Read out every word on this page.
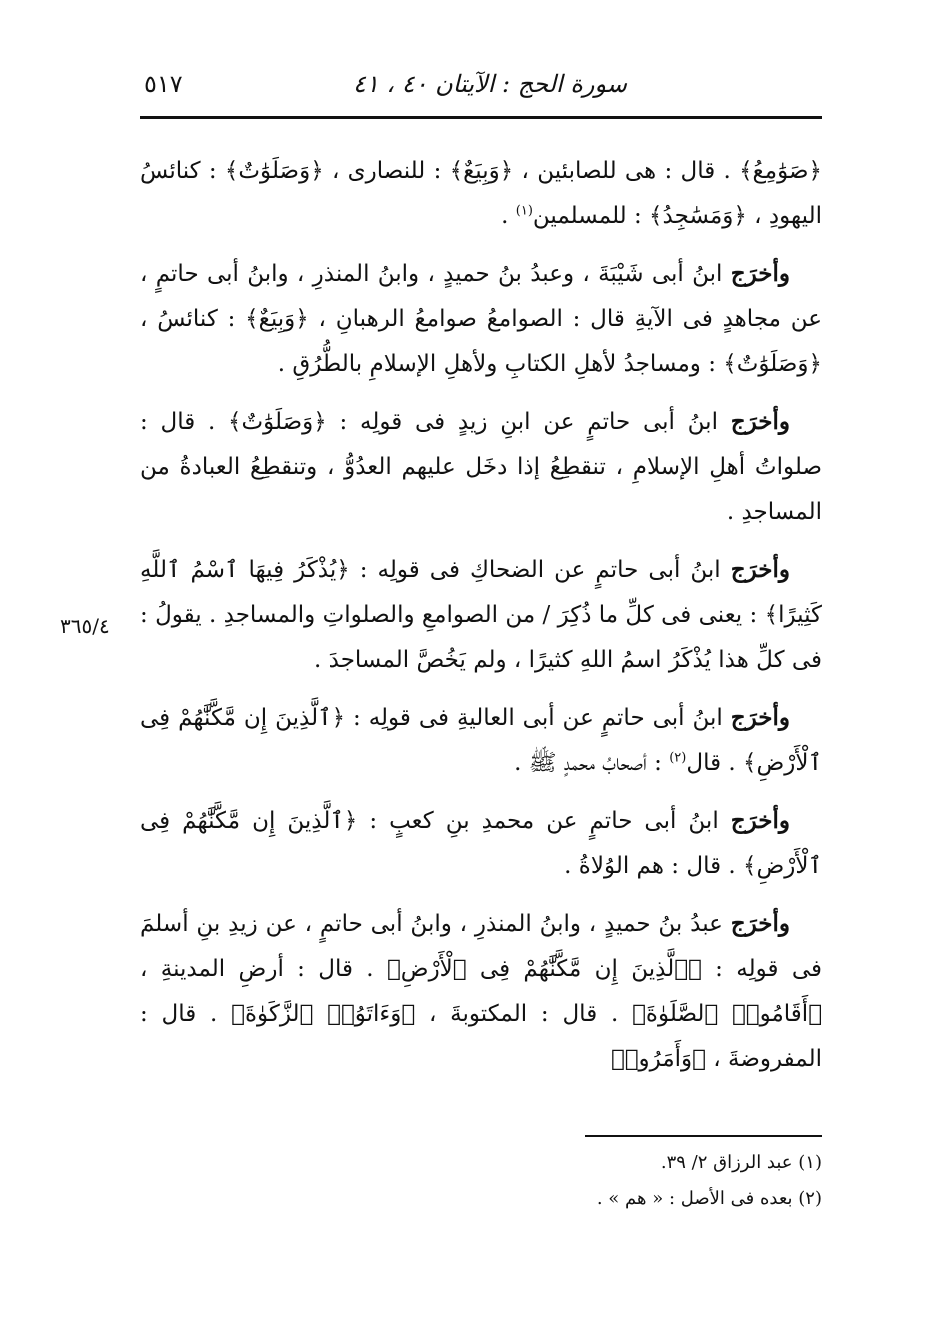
سورة الحج : الآيتان ٤٠ ، ٤١
٥١٧
٣٦٥/٤

﴿صَوَٰمِعُ﴾ . قال : هى للصابئين ، ﴿وَبِيَعٌ﴾ : للنصارى ، ﴿وَصَلَوَٰتٌ﴾ : كنائسُ اليهودِ ، ﴿وَمَسَٰجِدُ﴾ : للمسلمين$^{(١)}$ .

وأخرَج ابنُ أبى شَيْبَةَ ، وعبدُ بنُ حميدٍ ، وابنُ المنذرِ ، وابنُ أبى حاتمٍ ، عن مجاهدٍ فى الآيةِ قال : الصوامعُ صوامعُ الرهبانِ ، ﴿وَبِيَعٌ﴾ : كنائسُ ، ﴿وَصَلَوَٰتٌ﴾ : ومساجدُ لأهلِ الكتابِ ولأهلِ الإسلامِ بالطُّرُقِ .

وأخرَج ابنُ أبى حاتمٍ عن ابنِ زيدٍ فى قولِه : ﴿وَصَلَوَٰتٌ﴾ . قال : صلواتُ أهلِ الإسلامِ ، تنقطِعُ إذا دخَل عليهم العدُوُّ ، وتنقطِعُ العبادةُ من المساجدِ .

وأخرَج ابنُ أبى حاتمٍ عن الضحاكِ فى قولِه : ﴿يُذْكَرُ فِيهَا ٱسْمُ ٱللَّهِ كَثِيرًا﴾ : يعنى فى كلِّ ما ذُكِرَ / من الصوامعِ والصلواتِ والمساجدِ . يقولُ : فى كلِّ هذا يُذْكَرُ اسمُ اللهِ كثيرًا ، ولم يَخُصَّ المساجدَ .

وأخرَج ابنُ أبى حاتمٍ عن أبى العاليةِ فى قولِه : ﴿ٱلَّذِينَ إِن مَّكَّنَّٰهُمْ فِى ٱلْأَرْضِ﴾ . قال$^{(٢)}$ : أصحابُ محمدٍ ﷺ .

وأخرَج ابنُ أبى حاتمٍ عن محمدِ بنِ كعبٍ : ﴿ٱلَّذِينَ إِن مَّكَّنَّٰهُمْ فِى ٱلْأَرْضِ﴾ . قال : هم الوُلاةُ .

وأخرَج عبدُ بنُ حميدٍ ، وابنُ المنذرِ ، وابنُ أبى حاتمٍ ، عن زيدِ بنِ أسلمَ فى قولِه : ﴿ٱلَّذِينَ إِن مَّكَّنَّٰهُمْ فِى ٱلْأَرْضِ﴾ . قال : أرضِ المدينةِ ، ﴿أَقَامُوا۟ ٱلصَّلَوٰةَ﴾ . قال : المكتوبةَ ، ﴿وَءَاتَوُا۟ ٱلزَّكَوٰةَ﴾ . قال : المفروضةَ ، ﴿وَأَمَرُوا۟

(١) عبد الرزاق ٢/ ٣٩.

(٢) بعده فى الأصل : « هم » .
